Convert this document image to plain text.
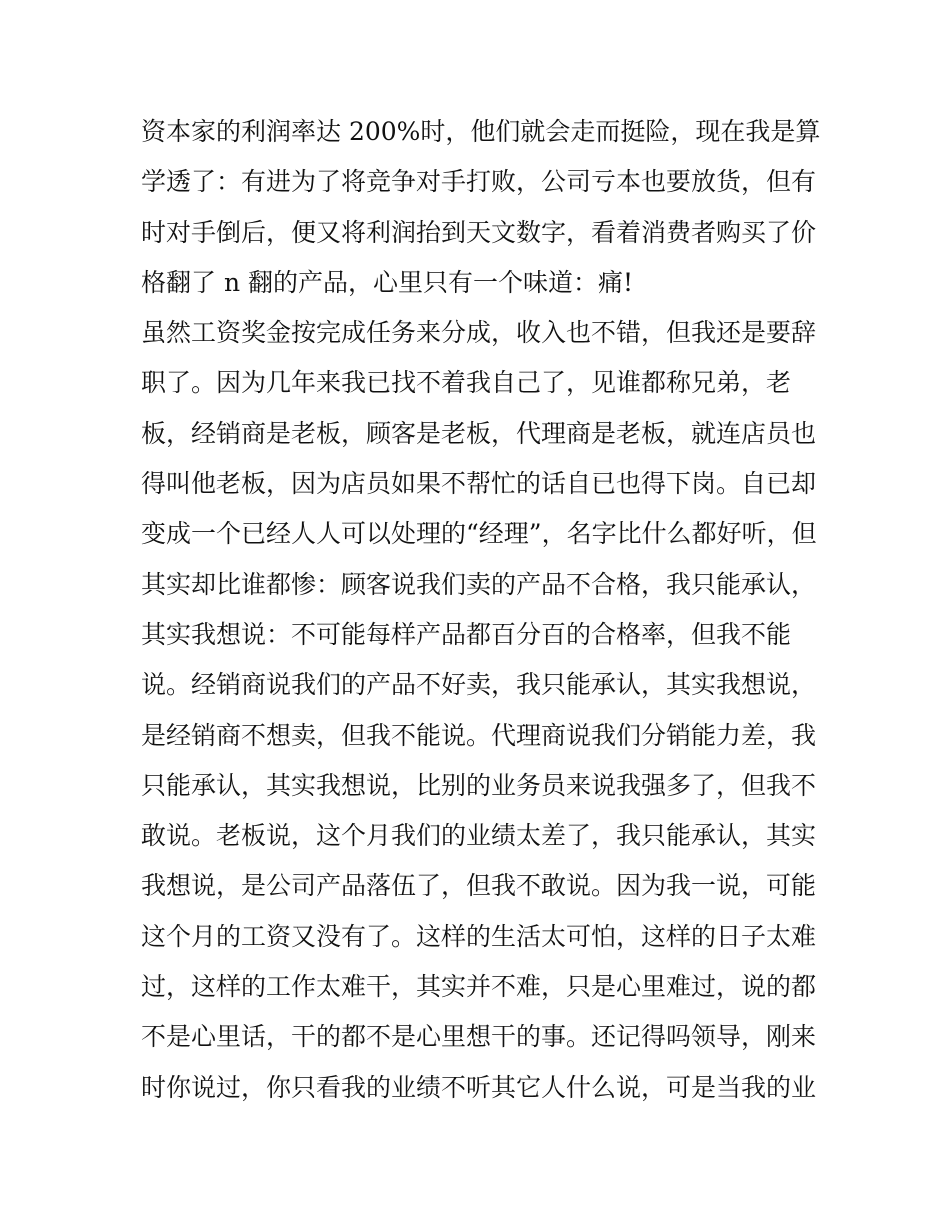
资本家的利润率达 200%时，他们就会走而挺险，现在我是算
学透了：有进为了将竞争对手打败，公司亏本也要放货，但有
时对手倒后，便又将利润抬到天文数字，看着消费者购买了价
格翻了 n 翻的产品，心里只有一个味道：痛!
虽然工资奖金按完成任务来分成，收入也不错，但我还是要辞
职了。因为几年来我已找不着我自己了，见谁都称兄弟，老
板，经销商是老板，顾客是老板，代理商是老板，就连店员也
得叫他老板，因为店员如果不帮忙的话自已也得下岗。自已却
变成一个已经人人可以处理的“经理”，名字比什么都好听，但
其实却比谁都惨：顾客说我们卖的产品不合格，我只能承认，
其实我想说：不可能每样产品都百分百的合格率，但我不能
说。经销商说我们的产品不好卖，我只能承认，其实我想说，
是经销商不想卖，但我不能说。代理商说我们分销能力差，我
只能承认，其实我想说，比别的业务员来说我强多了，但我不
敢说。老板说，这个月我们的业绩太差了，我只能承认，其实
我想说，是公司产品落伍了，但我不敢说。因为我一说，可能
这个月的工资又没有了。这样的生活太可怕，这样的日子太难
过，这样的工作太难干，其实并不难，只是心里难过，说的都
不是心里话，干的都不是心里想干的事。还记得吗领导，刚来
时你说过，你只看我的业绩不听其它人什么说，可是当我的业
